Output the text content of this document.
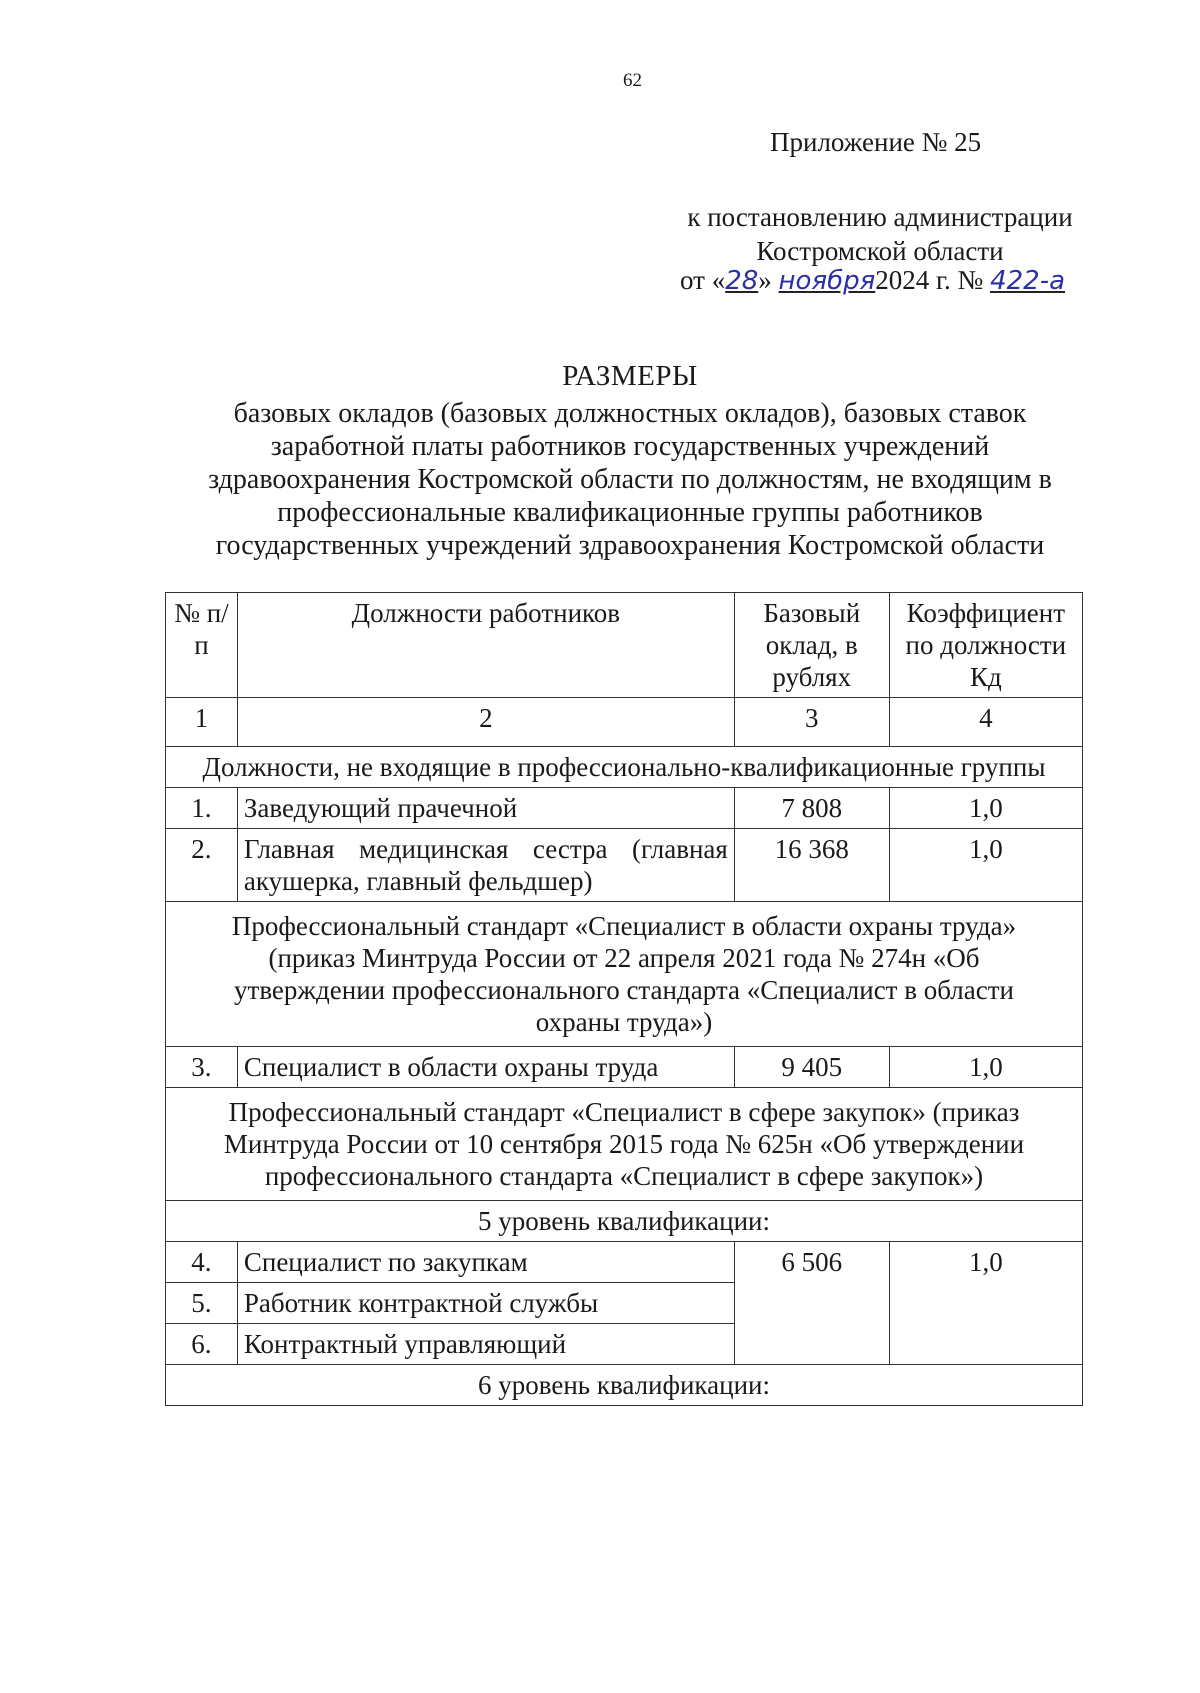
62
Приложение № 25
к постановлению администрации
Костромской области
от «28» ноября2024 г. № 422-а
РАЗМЕРЫ
базовых окладов (базовых должностных окладов), базовых ставок заработной платы работников государственных учреждений здравоохранения Костромской области по должностям, не входящим в профессиональные квалификационные группы работников государственных учреждений здравоохранения Костромской области
№ п/п	Должности работников	Базовый оклад, в рублях	Коэффициент по должности Кд
1	2	3	4
Должности, не входящие в профессионально-квалификационные группы			
1.	Заведующий прачечной	7 808	1,0
2.	Главная медицинская сестра (главная акушерка, главный фельдшер)	16 368	1,0
Профессиональный стандарт «Специалист в области охраны труда» (приказ Минтруда России от 22 апреля 2021 года № 274н «Об утверждении профессионального стандарта «Специалист в области охраны труда»)			
3.	Специалист в области охраны труда	9 405	1,0
Профессиональный стандарт «Специалист в сфере закупок» (приказ Минтруда России от 10 сентября 2015 года № 625н «Об утверждении профессионального стандарта «Специалист в сфере закупок»)			
5 уровень квалификации:			
4.	Специалист по закупкам	6 506	1,0
5.	Работник контрактной службы		
6.	Контрактный управляющий		
6 уровень квалификации:			
